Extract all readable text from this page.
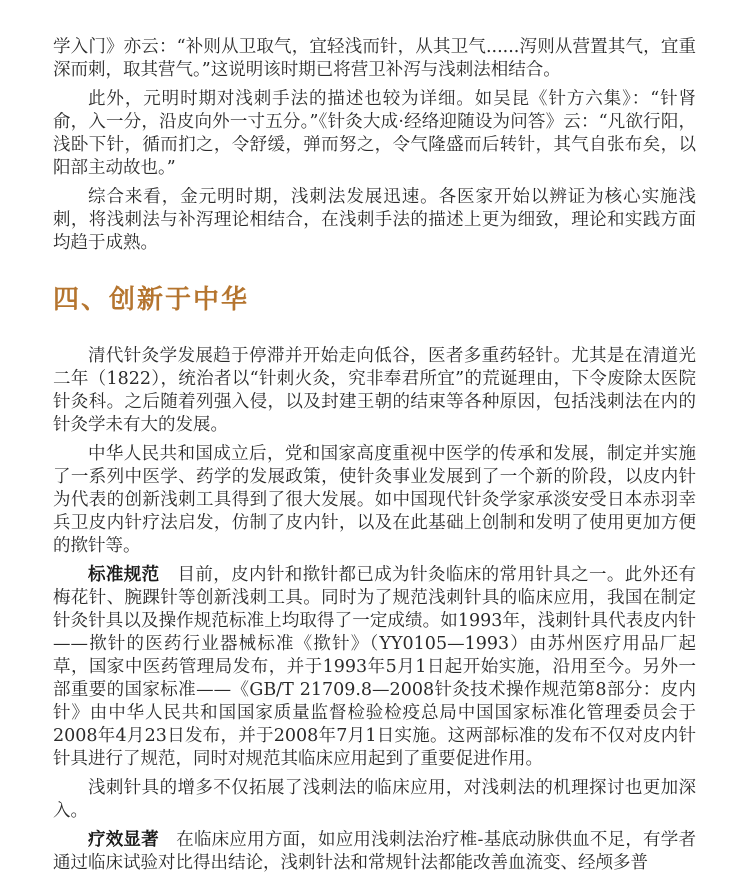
学入门》亦云：“补则从卫取气，宜轻浅而针，从其卫气......泻则从营置其气，宜重深而刺，取其营气。”这说明该时期已将营卫补泻与浅刺法相结合。

此外，元明时期对浅刺手法的描述也较为详细。如吴昆《针方六集》：“针肾俞，入一分，沿皮向外一寸五分。”《针灸大成·经络迎随设为问答》云：“凡欲行阳，浅卧下针，循而扪之，令舒缓，弹而努之，令气隆盛而后转针，其气自张布矣，以阳部主动故也。”

综合来看，金元明时期，浅刺法发展迅速。各医家开始以辨证为核心实施浅刺，将浅刺法与补泻理论相结合，在浅刺手法的描述上更为细致，理论和实践方面均趋于成熟。

四、创新于中华

清代针灸学发展趋于停滞并开始走向低谷，医者多重药轻针。尤其是在清道光二年（1822），统治者以“针刺火灸，究非奉君所宜”的荒诞理由，下令废除太医院针灸科。之后随着列强入侵，以及封建王朝的结束等各种原因，包括浅刺法在内的针灸学未有大的发展。

中华人民共和国成立后，党和国家高度重视中医学的传承和发展，制定并实施了一系列中医学、药学的发展政策，使针灸事业发展到了一个新的阶段，以皮内针为代表的创新浅刺工具得到了很大发展。如中国现代针灸学家承淡安受日本赤羽幸兵卫皮内针疗法启发，仿制了皮内针，以及在此基础上创制和发明了使用更加方便的揿针等。

标准规范 目前，皮内针和揿针都已成为针灸临床的常用针具之一。此外还有梅花针、腕踝针等创新浅刺工具。同时为了规范浅刺针具的临床应用，我国在制定针灸针具以及操作规范标准上均取得了一定成绩。如1993年，浅刺针具代表皮内针——揿针的医药行业器械标准《揿针》（YY0105—1993）由苏州医疗用品厂起草，国家中医药管理局发布，并于1993年5月1日起开始实施，沿用至今。另外一部重要的国家标准——《GB/T 21709.8—2008针灸技术操作规范第8部分：皮内针》由中华人民共和国国家质量监督检验检疫总局中国国家标准化管理委员会于2008年4月23日发布，并于2008年7月1日实施。这两部标准的发布不仅对皮内针针具进行了规范，同时对规范其临床应用起到了重要促进作用。

浅刺针具的增多不仅拓展了浅刺法的临床应用，对浅刺法的机理探讨也更加深入。

疗效显著 在临床应用方面，如应用浅刺法治疗椎-基底动脉供血不足，有学者通过临床试验对比得出结论，浅刺针法和常规针法都能改善血流变、经颅多普
